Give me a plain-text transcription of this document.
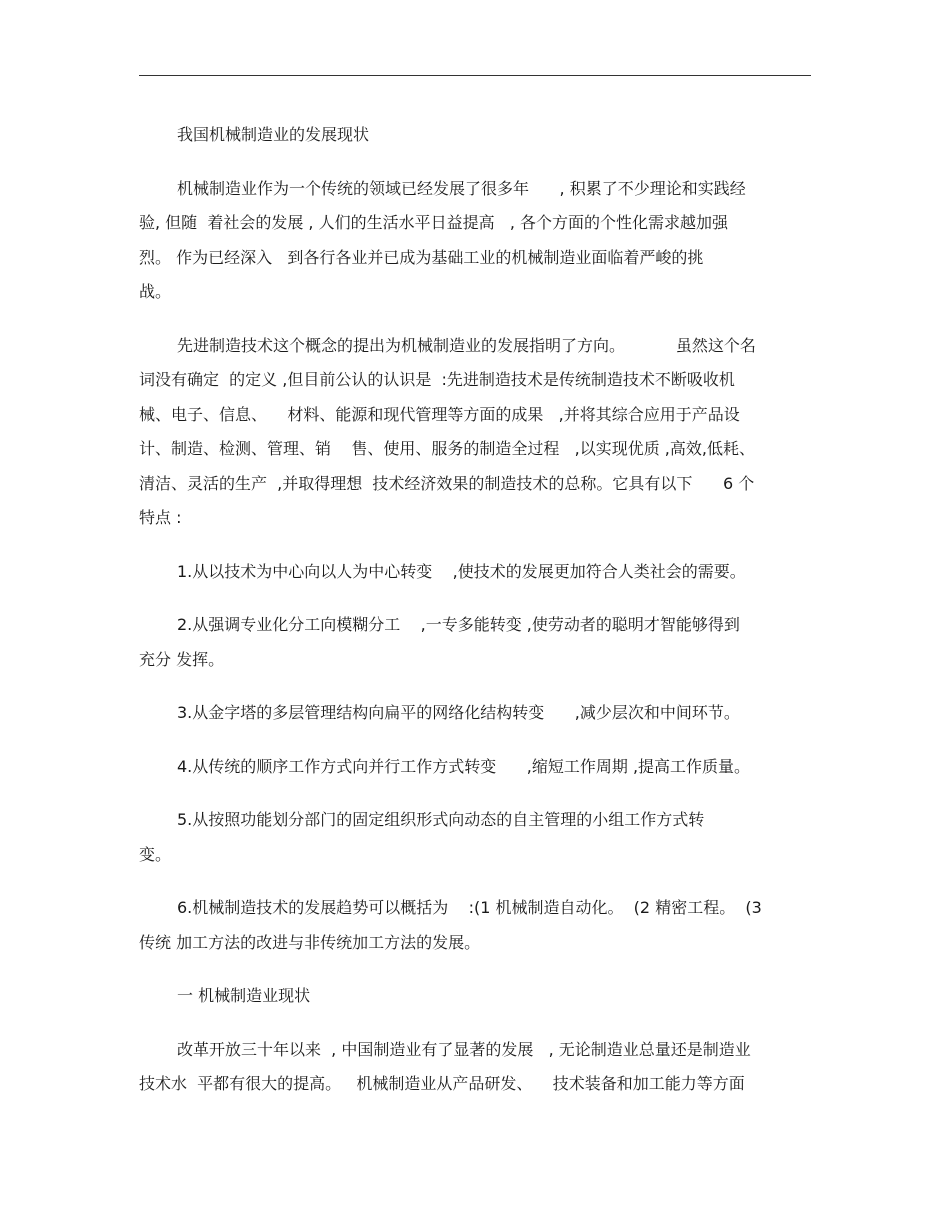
我国机械制造业的发展现状
机械制造业作为一个传统的领域已经发展了很多年      , 积累了不少理论和实践经
验, 但随  着社会的发展 , 人们的生活水平日益提高   , 各个方面的个性化需求越加强
烈。 作为已经深入   到各行各业并已成为基础工业的机械制造业面临着严峻的挑
战。
先进制造技术这个概念的提出为机械制造业的发展指明了方向。          虽然这个名
词没有确定  的定义 ,但目前公认的认识是  :先进制造技术是传统制造技术不断吸收机
械、电子、信息、    材料、能源和现代管理等方面的成果   ,并将其综合应用于产品设
计、制造、检测、管理、销    售、使用、服务的制造全过程   ,以实现优质 ,高效,低耗、
清洁、灵活的生产  ,并取得理想  技术经济效果的制造技术的总称。它具有以下      6 个
特点 :
1.从以技术为中心向以人为中心转变    ,使技术的发展更加符合人类社会的需要。
2.从强调专业化分工向模糊分工    ,一专多能转变 ,使劳动者的聪明才智能够得到
充分 发挥。
3.从金字塔的多层管理结构向扁平的网络化结构转变      ,减少层次和中间环节。
4.从传统的顺序工作方式向并行工作方式转变      ,缩短工作周期 ,提高工作质量。
5.从按照功能划分部门的固定组织形式向动态的自主管理的小组工作方式转
变。
6.机械制造技术的发展趋势可以概括为    :(1 机械制造自动化。  (2 精密工程。  (3
传统 加工方法的改进与非传统加工方法的发展。
一 机械制造业现状
改革开放三十年以来  , 中国制造业有了显著的发展   , 无论制造业总量还是制造业
技术水  平都有很大的提高。   机械制造业从产品研发、    技术装备和加工能力等方面
